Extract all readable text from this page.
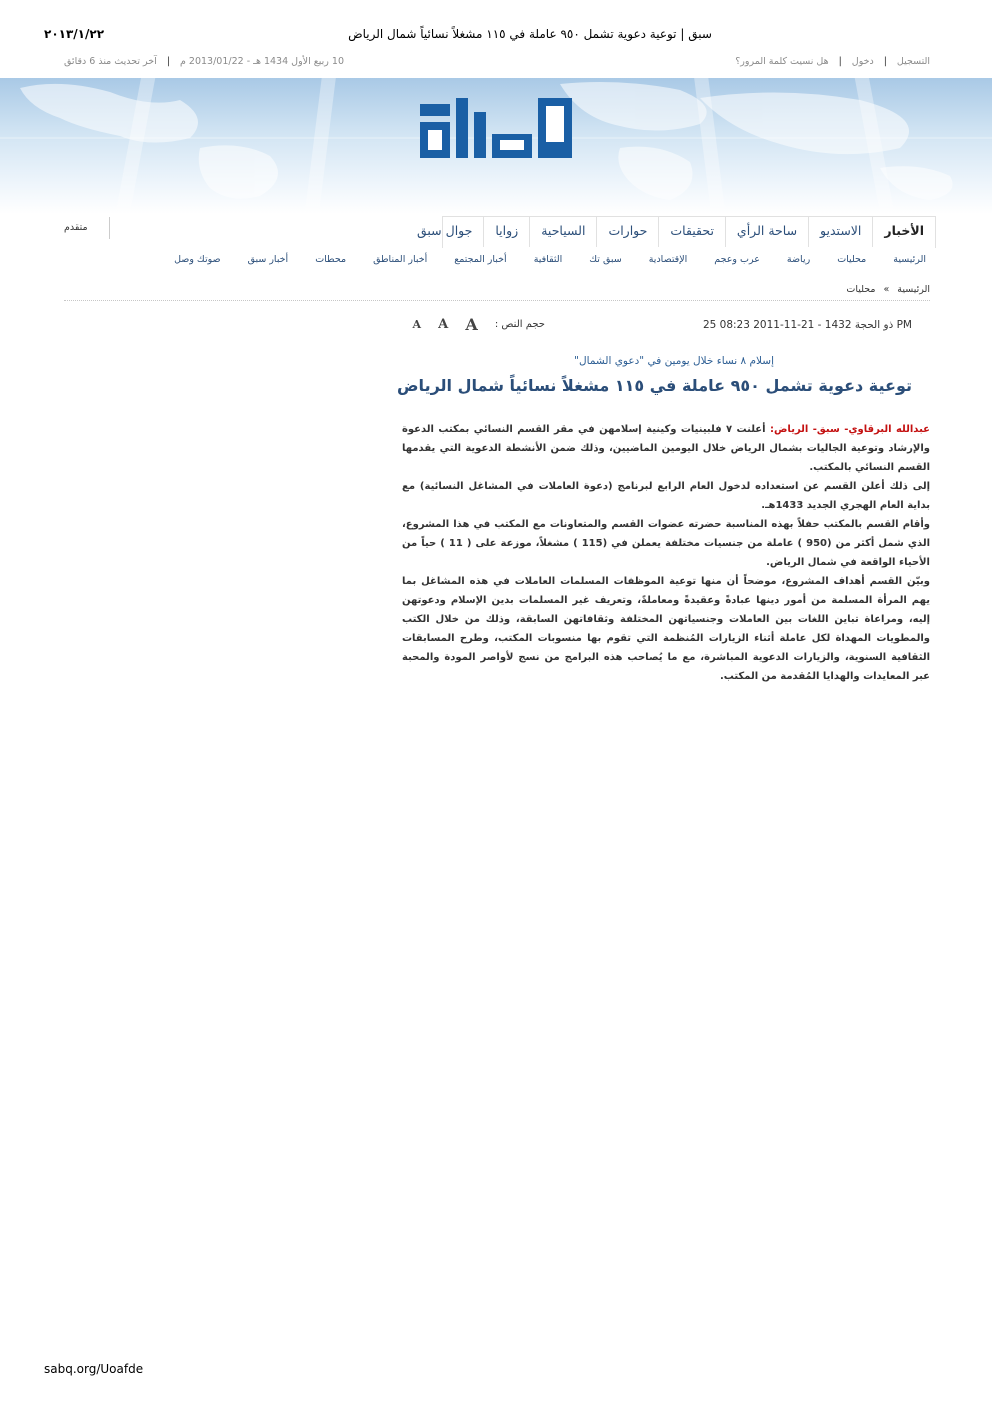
سبق | توعية دعوية تشمل ٩٥٠ عاملة في ١١٥ مشغلاً نسائياً شمال الرياض
٢٠١٣/١/٢٢
التسجيل|دخول|هل نسيت كلمة المرور؟
10 ربيع الأول 1434 هـ - 2013/01/22 م|آخر تحديث منذ 6 دقائق
متقدم	الأخبار
الاستديو
ساحة الرأي
تحقيقات
حوارات
السياحية
زوايا
جوال سبق
الرئيسية
محليات
رياضة
عرب وعجم
الإقتصادية
سبق تك
الثقافية
أخبار المجتمع
أخبار المناطق
محطات
أخبار سبق
صوتك وصل
الرئيسية»محليات
25 ذو الحجة 1432 - 21-11-2011 08:23 PM
حجم النص : A A A
إسلام ٨ نساء خلال يومين في "دعوي الشمال"
توعية دعوية تشمل ٩٥٠ عاملة في ١١٥ مشغلاً نسائياً شمال الرياض

عبدالله البرقاوي- سبق- الرياض: أعلنت ٧ فلبينيات وكينية إسلامهن في مقر القسم النسائي بمكتب الدعوة والإرشاد وتوعية الجاليات بشمال الرياض خلال اليومين الماضيين، وذلك ضمن الأنشطة الدعوية التي يقدمها القسم النسائي بالمكتب.

إلى ذلك أعلن القسم عن استعداده لدخول العام الرابع لبرنامج (دعوة العاملات في المشاغل النسائية) مع بداية العام الهجري الجديد 1433هـ.

وأقام القسم بالمكتب حفلاً بهذه المناسبة حضرته عضوات القسم والمتعاونات مع المكتب في هذا المشروع، الذي شمل أكثر من (950 ) عاملة من جنسيات مختلفة يعملن في (115 ) مشغلاً، موزعة على ( 11 ) حياً من الأحياء الواقعة في شمال الرياض.

وبيّن القسم أهداف المشروع، موضحاً أن منها توعية الموظفات المسلمات العاملات في هذه المشاغل بما يهم المرأة المسلمة من أمور دينها عبادةً وعقيدةً ومعاملةً، وتعريف غير المسلمات بدين الإسلام ودعوتهن إليه، ومراعاة تباين اللغات بين العاملات وجنسياتهن المختلفة وثقافاتهن السابقة، وذلك من خلال الكتب والمطويات المهداة لكل عاملة أثناء الزيارات المُنظمة التي تقوم بها منسوبات المكتب، وطرح المسابقات الثقافية السنوية، والزيارات الدعوية المباشرة، مع ما يُصاحب هذه البرامج من نسج لأواصر المودة والمحبة عبر المعايدات والهدايا المُقدمة من المكتب.

sabq.org/Uoafde
